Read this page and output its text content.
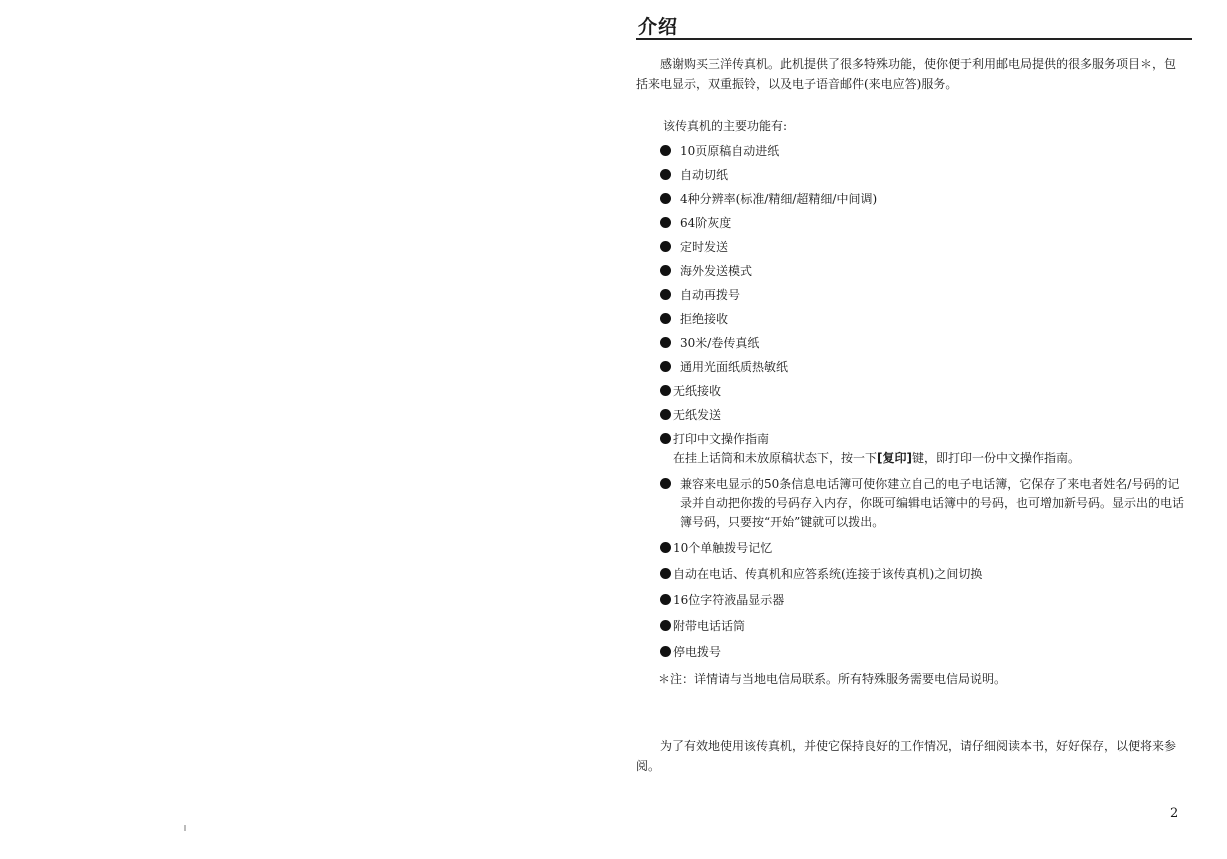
介绍
感谢购买三洋传真机。此机提供了很多特殊功能，使你便于利用邮电局提供的很多服务项目＊，包括来电显示，双重振铃，以及电子语音邮件(来电应答)服务。
该传真机的主要功能有:
10页原稿自动进纸
自动切纸
4种分辨率(标准/精细/超精细/中间调)
64阶灰度
定时发送
海外发送模式
自动再拨号
拒绝接收
30米/卷传真纸
通用光面纸质热敏纸
无纸接收
无纸发送
打印中文操作指南
在挂上话筒和未放原稿状态下，按一下[复印]键，即打印一份中文操作指南。
兼容来电显示的50条信息电话簿可使你建立自己的电子电话簿，它保存了来电者姓名/号码的记录并自动把你拨的号码存入内存，你既可编辑电话簿中的号码，也可增加新号码。显示出的电话簿号码，只要按“开始”键就可以拨出。
10个单触拨号记忆
自动在电话、传真机和应答系统(连接于该传真机)之间切换
16位字符液晶显示器
附带电话话筒
停电拨号
＊注：详情请与当地电信局联系。所有特殊服务需要电信局说明。
为了有效地使用该传真机，并使它保持良好的工作情况，请仔细阅读本书，好好保存，以便将来参阅。
2
